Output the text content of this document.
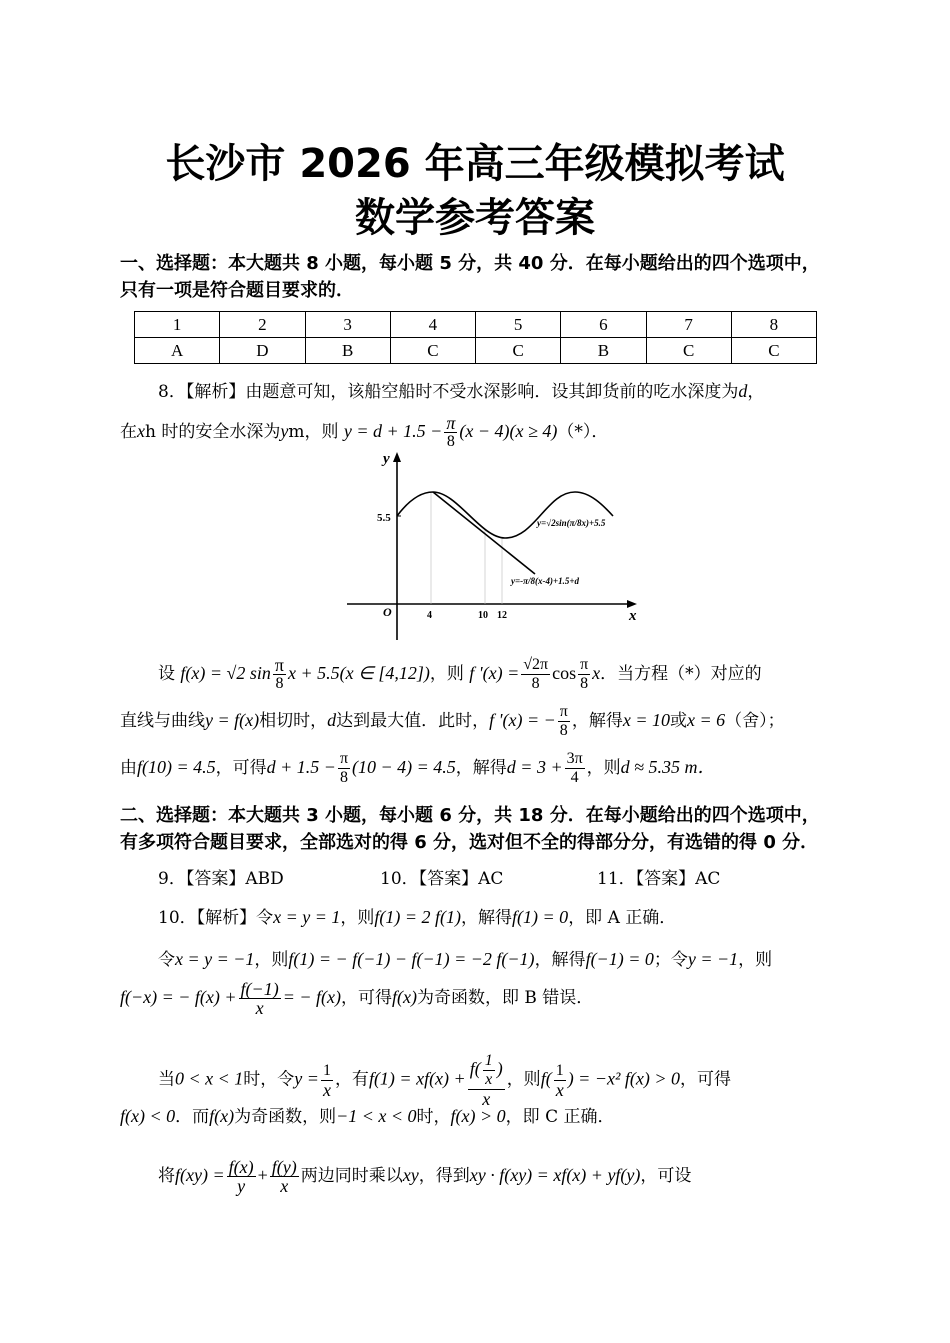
长沙市 2026 年高三年级模拟考试
数学参考答案
一、选择题：本大题共 8 小题，每小题 5 分，共 40 分．在每小题给出的四个选项中，
只有一项是符合题目要求的．
1	2	3	4	5	6	7	8
A	D	B	C	C	B	C	C
8．【解析】由题意可知，该船空船时不受水深影响．设其卸货前的吃水深度为d，
在xh 时的安全水深为ym，则 $y = d + 1.5 - \frac{\pi}{8} (x - 4)(x \ge 4)(*)$．
y
x
O
5.5
4	10 12
y=√2sin(π/8x)+5.5
y=-π/8(x-4)+1.5+d
设 f(x) = √2 $\sin \frac{\pi}{8}$ x + 5.5(x ∈ [4,12])，则 f '$(x) = \frac{√2\pi}{8}$ $\cos \frac{\pi}{8}$ x．当方程（*）对应的
直线与曲线y = f(x)相切时，d达到最大值．此时，f '(x) = − $\frac{\pi}{8}$ ，解得x = 10或x = 6（舍）；
由f(10) = 4.5，可得$d + 1.5 - \frac{\pi}{8} (10 - 4) = 4.5$，解得$d = 3 + \frac{3\pi}{4}$ ，则d ≈ 5.35 m．
二、选择题：本大题共 3 小题，每小题 6 分，共 18 分．在每小题给出的四个选项中，
有多项符合题目要求，全部选对的得 6 分，选对但不全的得部分分，有选错的得 0 分．
9．【答案】ABD	10．【答案】AC	11．【答案】AC
10．【解析】令x = y = 1，则f(1) = 2 f(1)，解得f(1) = 0，即 A 正确．
令x = y = −1，则f(1) = − f(−1) − f(−1) = −2 f(−1)，解得f(−1) = 0；令y = −1，则
f(−x) = − $f(x) + \frac{f(-1)}{x}$ = − f(x)，可得f(x)为奇函数，即 B 错误．
当0 < x < 1时，令$y = \frac{1}{x}$ ，有$f(1) = xf(x) + \frac{f( \frac{1}{x} )}{x}$ ，则$f( \frac{1}{x}$ ) = −x² f(x) > 0，可得
f(x) < 0．而f(x)为奇函数，则−1 < x < 0时，f(x) > 0，即 C 正确．
将$f(xy) = \frac{f(x)}{y} + \frac{f(y)}{x}$ 两边同时乘以xy，得到xy · f(xy) = xf(x) + yf(y)，可设
